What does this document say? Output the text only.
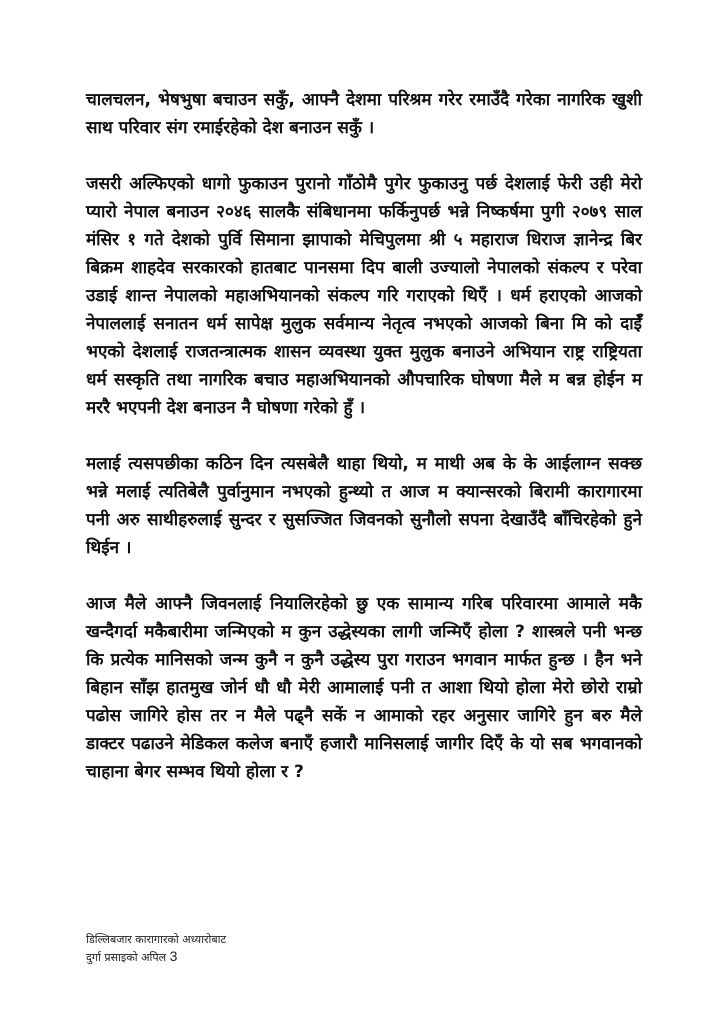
चालचलन, भेषभुषा बचाउन सकुँ, आफ्नै देशमा परिश्रम गरेर रमाउँदै गरेका नागरिक खुशी साथ परिवार संग रमाईरहेको देश बनाउन सकुँ ।

जसरी अल्फिएको धागो फुकाउन पुरानो गाँठोमै पुगेर फुकाउनु पर्छ देशलाई फेरी उही मेरो प्यारो नेपाल बनाउन २०४६ सालकै संबिधानमा फर्किनुपर्छ भन्ने निष्कर्षमा पुगी २०७९ साल मंसिर १ गते देशको पुर्वि सिमाना झापाको मेचिपुलमा श्री ५ महाराज धिराज ज्ञानेन्द्र बिर बिक्रम शाहदेव सरकारको हातबाट पानसमा दिप बाली उज्यालो नेपालको संकल्प र परेवा उडाई शान्त नेपालको महाअभियानको संकल्प गरि गराएको थिएँ । धर्म हराएको आजको नेपाललाई सनातन धर्म सापेक्ष मुलुक सर्वमान्य नेतृत्व नभएको आजको बिना मि को दाईँ भएको देशलाई राजतन्त्रात्मक शासन व्यवस्था युक्त मुलुक बनाउने अभियान राष्ट्र राष्ट्रियता धर्म सस्कृति तथा नागरिक बचाउ महाअभियानको औपचारिक घोषणा मैले म बन्न होईन म मररै भएपनी देश बनाउन नै घोषणा गरेको हुँ ।

मलाई त्यसपछीका कठिन दिन त्यसबेलै थाहा थियो, म माथी अब के के आईलाग्न सक्छ भन्ने मलाई त्यतिबेलै पुर्वानुमान नभएको हुन्थ्यो त आज म क्यान्सरको बिरामी कारागारमा पनी अरु साथीहरुलाई सुन्दर र सुसज्जित जिवनको सुनौलो सपना देखाउँदै बाँचिरहेको हुने थिईन ।

आज मैले आफ्नै जिवनलाई नियालिरहेको छु एक सामान्य गरिब परिवारमा आमाले मकै खन्दैगर्दा मकैबारीमा जन्मिएको म कुन उद्धेस्यका लागी जन्मिएँ होला ? शास्त्रले पनी भन्छ कि प्रत्येक मानिसको जन्म कुनै न कुनै उद्धेस्य पुरा गराउन भगवान मार्फत हुन्छ । हैन भने बिहान साँझ हातमुख जोर्न धौ धौ मेरी आमालाई पनी त आशा थियो होला मेरो छोरो राम्रो पढोस जागिरे होस तर न मैले पढ्नै सकें न आमाको रहर अनुसार जागिरे हुन बरु मैले डाक्टर पढाउने मेडिकल कलेज बनाएँ हजारौ मानिसलाई जागीर दिएँ के यो सब भगवानको चाहाना बेगर सम्भव थियो होला र ?

डिल्लिबजार कारागारको अध्यारोबाट
दुर्गा प्रसाइको अपिल 3
